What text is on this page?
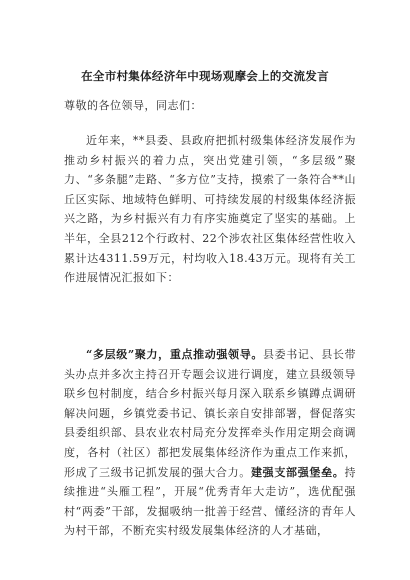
在全市村集体经济年中现场观摩会上的交流发言
尊敬的各位领导，同志们：

近年来，**县委、县政府把抓村级集体经济发展作为推动乡村振兴的着力点，突出党建引领，“多层级”聚力、“多条腿”走路、“多方位”支持，摸索了一条符合**山丘区实际、地域特色鲜明、可持续发展的村级集体经济振兴之路，为乡村振兴有力有序实施奠定了坚实的基础。上半年，全县212个行政村、22个涉农社区集体经营性收入累计达4311.59万元，村均收入18.43万元。现将有关工作进展情况汇报如下：

“多层级”聚力，重点推动强领导。县委书记、县长带头办点并多次主持召开专题会议进行调度，建立县级领导联乡包村制度，结合乡村振兴每月深入联系乡镇蹲点调研解决问题，乡镇党委书记、镇长亲自安排部署，督促落实县委组织部、县农业农村局充分发挥牵头作用定期会商调度，各村（社区）都把发展集体经济作为重点工作来抓，形成了三级书记抓发展的强大合力。建强支部强堡垒。持续推进“头雁工程”，开展“优秀青年大走访”，选优配强村“两委”干部，发掘吸纳一批善于经营、懂经济的青年人为村干部，不断充实村级发展集体经济的人才基础，
